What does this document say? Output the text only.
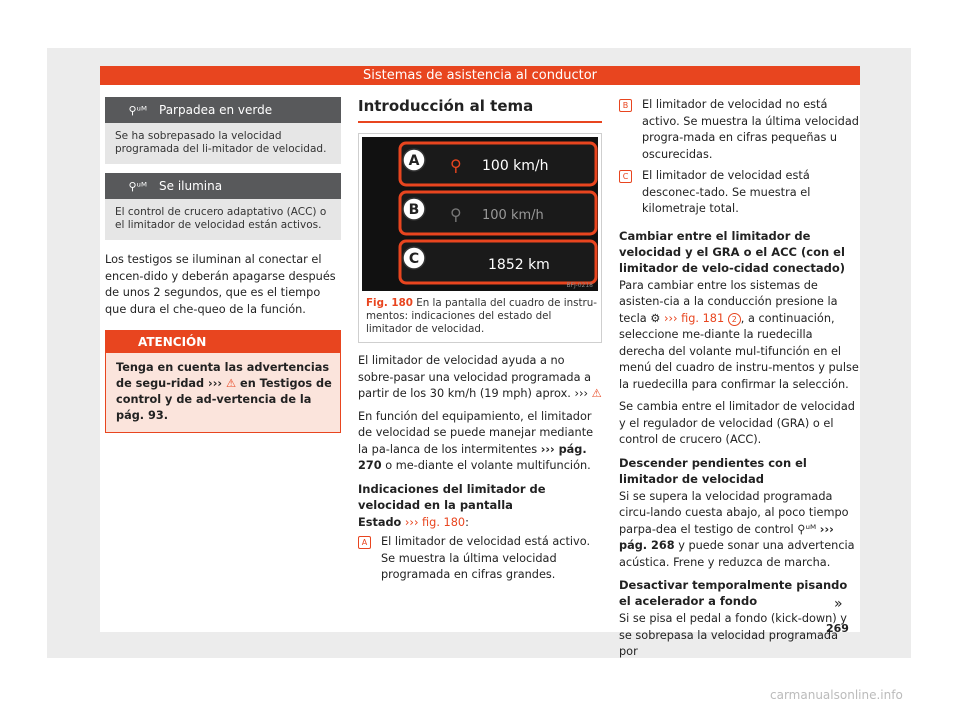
Sistemas de asistencia al conductor
⚲ᵘᴹ	Parpadea en verde
Se ha sobrepasado la velocidad programada del li-mitador de velocidad.
⚲ᵘᴹ	Se ilumina
El control de crucero adaptativo (ACC) o el limitador de velocidad están activos.

Los testigos se iluminan al conectar el encen-dido y deberán apagarse después de unos 2 segundos, que es el tiempo que dura el che-queo de la función.

ATENCIÓN
Tenga en cuenta las advertencias de segu-ridad ››› ⚠ en Testigos de control y de ad-vertencia de la pág. 93.
Introducción al tema
A
B
C
⚲ 100 km/h
⚲ 100 km/h
1852 km
BFJ-0218
Fig. 180 En la pantalla del cuadro de instru-mentos: indicaciones del estado del limitador de velocidad.

El limitador de velocidad ayuda a no sobre-pasar una velocidad programada a partir de los 30 km/h (19 mph) aprox. ››› ⚠

En función del equipamiento, el limitador de velocidad se puede manejar mediante la pa-lanca de los intermitentes ››› pág. 270 o me-diante el volante multifunción.

Indicaciones del limitador de velocidad en la pantalla

Estado ››› fig. 180:

A	El limitador de velocidad está activo. Se muestra la última velocidad programada en cifras grandes.
B	El limitador de velocidad no está activo. Se muestra la última velocidad progra-mada en cifras pequeñas u oscurecidas.
C	El limitador de velocidad está desconec-tado. Se muestra el kilometraje total.
Cambiar entre el limitador de velocidad y el GRA o el ACC (con el limitador de velo-cidad conectado)

Para cambiar entre los sistemas de asisten-cia a la conducción presione la tecla ⚙ ››› fig. 181 2 , a continuación, seleccione me-diante la ruedecilla derecha del volante mul-tifunción en el menú del cuadro de instru-mentos y pulse la ruedecilla para confirmar la selección.

Se cambia entre el limitador de velocidad y el regulador de velocidad (GRA) o el control de crucero (ACC).

Descender pendientes con el limitador de velocidad

Si se supera la velocidad programada circu-lando cuesta abajo, al poco tiempo parpa-dea el testigo de control ⚲ᵘᴹ ››› pág. 268 y puede sonar una advertencia acústica. Frene y reduzca de marcha.

Desactivar temporalmente pisando el acelerador a fondo

Si se pisa el pedal a fondo (kick-down) y se sobrepasa la velocidad programada por

»
269
carmanualsonline.info
